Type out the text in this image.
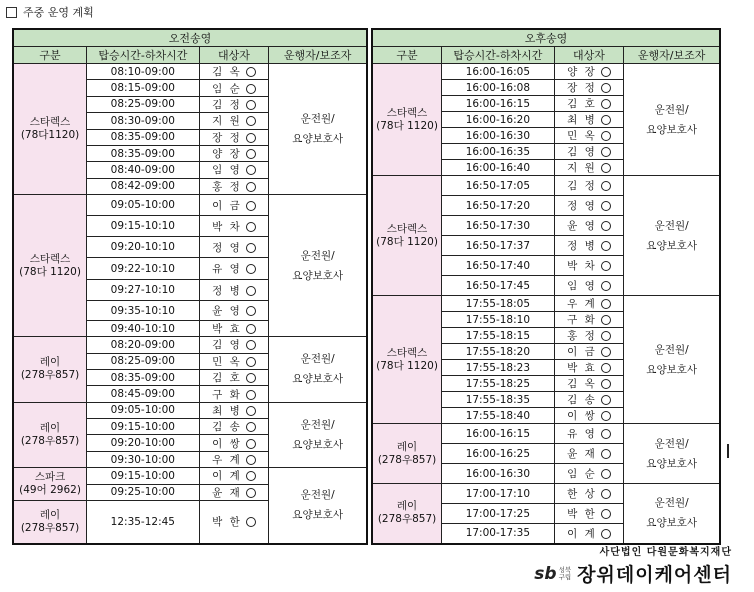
주중 운영 계획
오전송영			
구분	탑승시간-하차시간	대상자	운행자/보조자
스타렉스
(78다1120)	08:10-09:00	김 옥	운전원/
요양보호사
	08:15-09:00	임 순	
	08:25-09:00	김 정	
	08:30-09:00	지 원	
	08:35-09:00	장 정	
	08:35-09:00	양 장	
	08:40-09:00	임 영	
	08:42-09:00	홍 정	
스타렉스
(78다 1120)	09:05-10:00	이 금	운전원/
요양보호사
	09:15-10:10	박 차	
	09:20-10:10	정 영	
	09:22-10:10	유 영	
	09:27-10:10	정 병	
	09:35-10:10	윤 영	
	09:40-10:10	박 효	
레이
(278우857)	08:20-09:00	김 영	운전원/
요양보호사
	08:25-09:00	민 옥	
	08:35-09:00	김 호	
	08:45-09:00	구 화	
레이
(278우857)	09:05-10:00	최 병	운전원/
요양보호사
	09:15-10:00	김 송	
	09:20-10:00	이 쌍	
	09:30-10:00	우 계	
스파크
(49어 2962)	09:15-10:00	이 계	운전원/
요양보호사
	09:25-10:00	윤 재	
레이
(278우857)	12:35-12:45	박 한	
오후송영			
구분	탑승시간-하차시간	대상자	운행자/보조자
스타렉스
(78다 1120)	16:00-16:05	양 장	운전원/
요양보호사
	16:00-16:08	장 정	
	16:00-16:15	김 호	
	16:00-16:20	최 병	
	16:00-16:30	민 옥	
	16:00-16:35	김 영	
	16:00-16:40	지 원	
스타렉스
(78다 1120)	16:50-17:05	김 정	운전원/
요양보호사
	16:50-17:20	정 영	
	16:50-17:30	윤 영	
	16:50-17:37	정 병	
	16:50-17:40	박 차	
	16:50-17:45	임 영	
스타렉스
(78다 1120)	17:55-18:05	우 계	운전원/
요양보호사
	17:55-18:10	구 화	
	17:55-18:15	홍 정	
	17:55-18:20	이 금	
	17:55-18:23	박 효	
	17:55-18:25	김 옥	
	17:55-18:35	김 송	
	17:55-18:40	이 쌍	
레이
(278우857)	16:00-16:15	유 영	운전원/
요양보호사
	16:00-16:25	윤 재	
	16:00-16:30	임 순	
레이
(278우857)	17:00-17:10	한 상	운전원/
요양보호사
	17:00-17:25	박 한	
	17:00-17:35	이 계	
사단법인 다원문화복지재단
sb 성북
구립 장위데이케어센터
